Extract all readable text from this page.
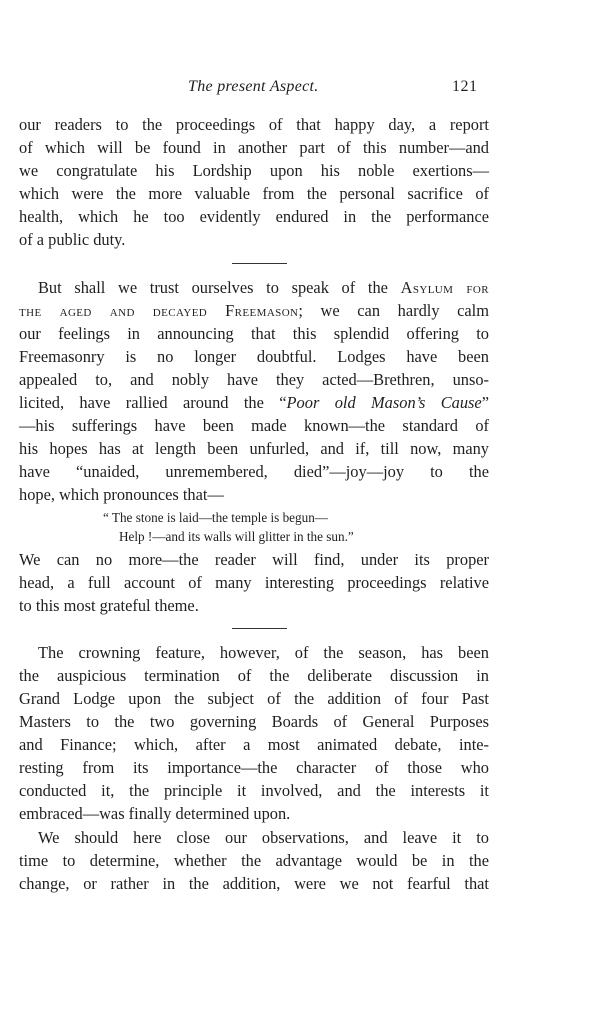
The present Aspect.	121
our readers to the proceedings of that happy day, a report
of which will be found in another part of this number—and
we congratulate his Lordship upon his noble exertions—
which were the more valuable from the personal sacrifice of
health, which he too evidently endured in the performance
of a public duty.
But shall we trust ourselves to speak of the Asylum for
the aged and decayed Freemason; we can hardly calm
our feelings in announcing that this splendid offering to
Freemasonry is no longer doubtful. Lodges have been
appealed to, and nobly have they acted—Brethren, unso-
licited, have rallied around the “Poor old Mason’s Cause”
—his sufferings have been made known—the standard of
his hopes has at length been unfurled, and if, till now, many
have “unaided, unremembered, died”—joy—joy to the
hope, which pronounces that—
“ The stone is laid—the temple is begun—
Help !—and its walls will glitter in the sun.”
We can no more—the reader will find, under its proper
head, a full account of many interesting proceedings relative
to this most grateful theme.
The crowning feature, however, of the season, has been
the auspicious termination of the deliberate discussion in
Grand Lodge upon the subject of the addition of four Past
Masters to the two governing Boards of General Purposes
and Finance; which, after a most animated debate, inte-
resting from its importance—the character of those who
conducted it, the principle it involved, and the interests it
embraced—was finally determined upon.
We should here close our observations, and leave it to
time to determine, whether the advantage would be in the
change, or rather in the addition, were we not fearful that
